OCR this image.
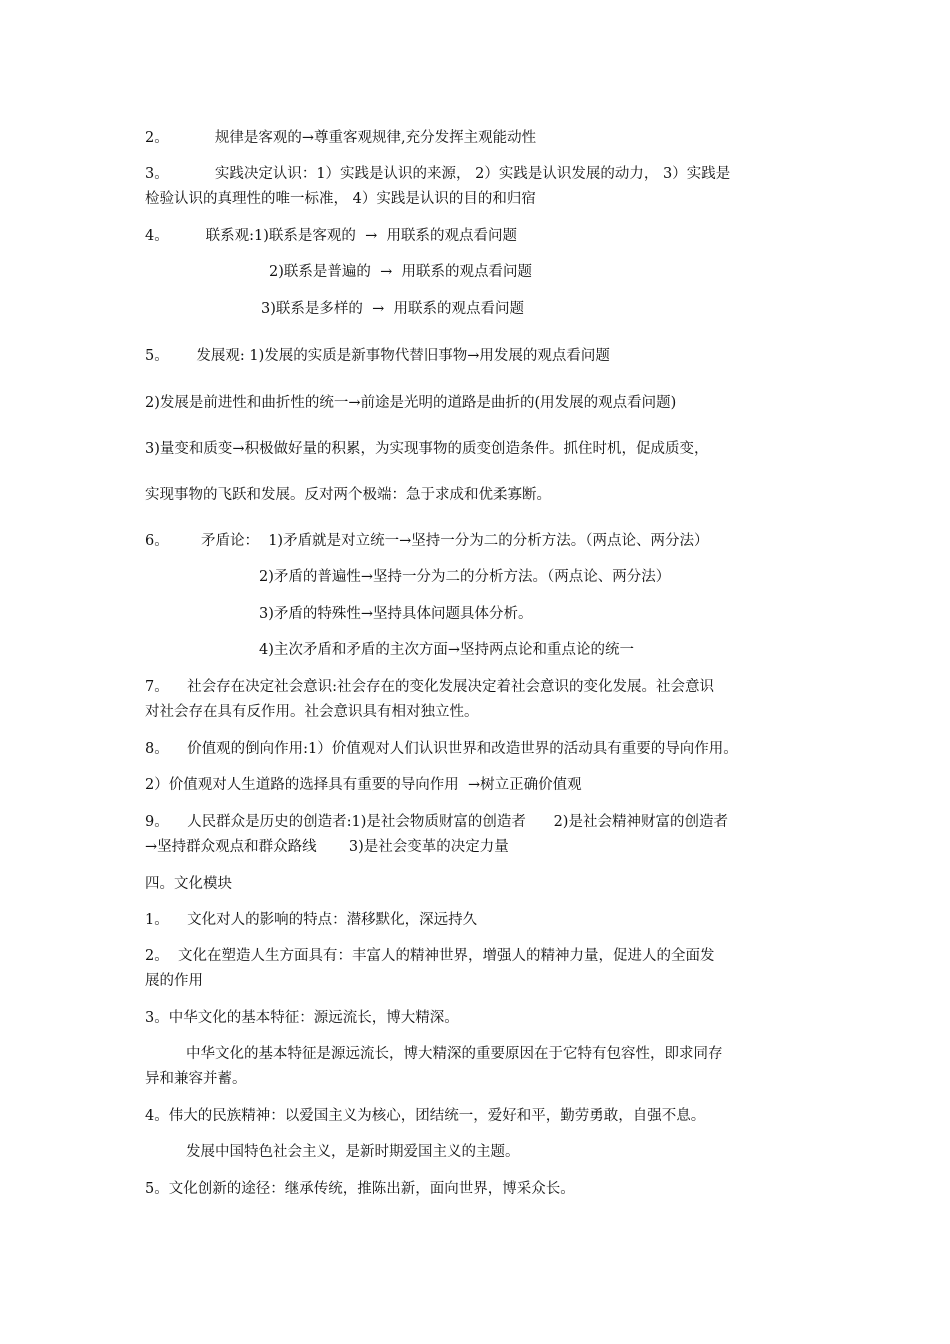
2。          规律是客观的→尊重客观规律,充分发挥主观能动性
3。          实践决定认识：1）实践是认识的来源， 2）实践是认识发展的动力， 3）实践是
检验认识的真理性的唯一标准， 4）实践是认识的目的和归宿
4。        联系观:1)联系是客观的  →  用联系的观点看问题
2)联系是普遍的  →  用联系的观点看问题
3)联系是多样的  →  用联系的观点看问题
5。      发展观: 1)发展的实质是新事物代替旧事物→用发展的观点看问题
2)发展是前进性和曲折性的统一→前途是光明的道路是曲折的(用发展的观点看问题)
3)量变和质变→积极做好量的积累，为实现事物的质变创造条件。抓住时机，促成质变，
实现事物的飞跃和发展。反对两个极端：急于求成和优柔寡断。
6。       矛盾论：  1)矛盾就是对立统一→坚持一分为二的分析方法。（两点论、两分法）
2)矛盾的普遍性→坚持一分为二的分析方法。（两点论、两分法）
3)矛盾的特殊性→坚持具体问题具体分析。
4)主次矛盾和矛盾的主次方面→坚持两点论和重点论的统一
7。    社会存在决定社会意识:社会存在的变化发展决定着社会意识的变化发展。社会意识
对社会存在具有反作用。社会意识具有相对独立性。
8。    价值观的倒向作用:1）价值观对人们认识世界和改造世界的活动具有重要的导向作用。
2）价值观对人生道路的选择具有重要的导向作用  →树立正确价值观
9。    人民群众是历史的创造者:1)是社会物质财富的创造者      2)是社会精神财富的创造者
→坚持群众观点和群众路线       3)是社会变革的决定力量
四。文化模块
1。    文化对人的影响的特点：潜移默化，深远持久
2。  文化在塑造人生方面具有：丰富人的精神世界，增强人的精神力量，促进人的全面发
展的作用
3。中华文化的基本特征：源远流长，博大精深。
中华文化的基本特征是源远流长，博大精深的重要原因在于它特有包容性，即求同存
异和兼容并蓄。
4。伟大的民族精神：以爱国主义为核心，团结统一，爱好和平，勤劳勇敢，自强不息。
发展中国特色社会主义，是新时期爱国主义的主题。
5。文化创新的途径：继承传统，推陈出新，面向世界，博采众长。
